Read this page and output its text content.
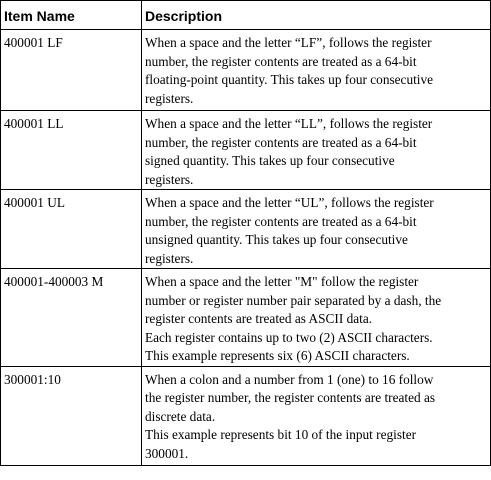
Item Name	Description
400001 LF	When a space and the letter “LF”, follows the register
number, the register contents are treated as a 64-bit
floating-point quantity. This takes up four consecutive
registers.

400001 LL	When a space and the letter “LL”, follows the register
number, the register contents are treated as a 64-bit
signed quantity. This takes up four consecutive
registers.

400001 UL	When a space and the letter “UL”, follows the register
number, the register contents are treated as a 64-bit
unsigned quantity. This takes up four consecutive
registers.

400001-400003 M	When a space and the letter "M" follow the register
number or register number pair separated by a dash, the
register contents are treated as ASCII data.
Each register contains up to two (2) ASCII characters.
This example represents six (6) ASCII characters.

300001:10	When a colon and a number from 1 (one) to 16 follow
the register number, the register contents are treated as
discrete data.
This example represents bit 10 of the input register
300001.
